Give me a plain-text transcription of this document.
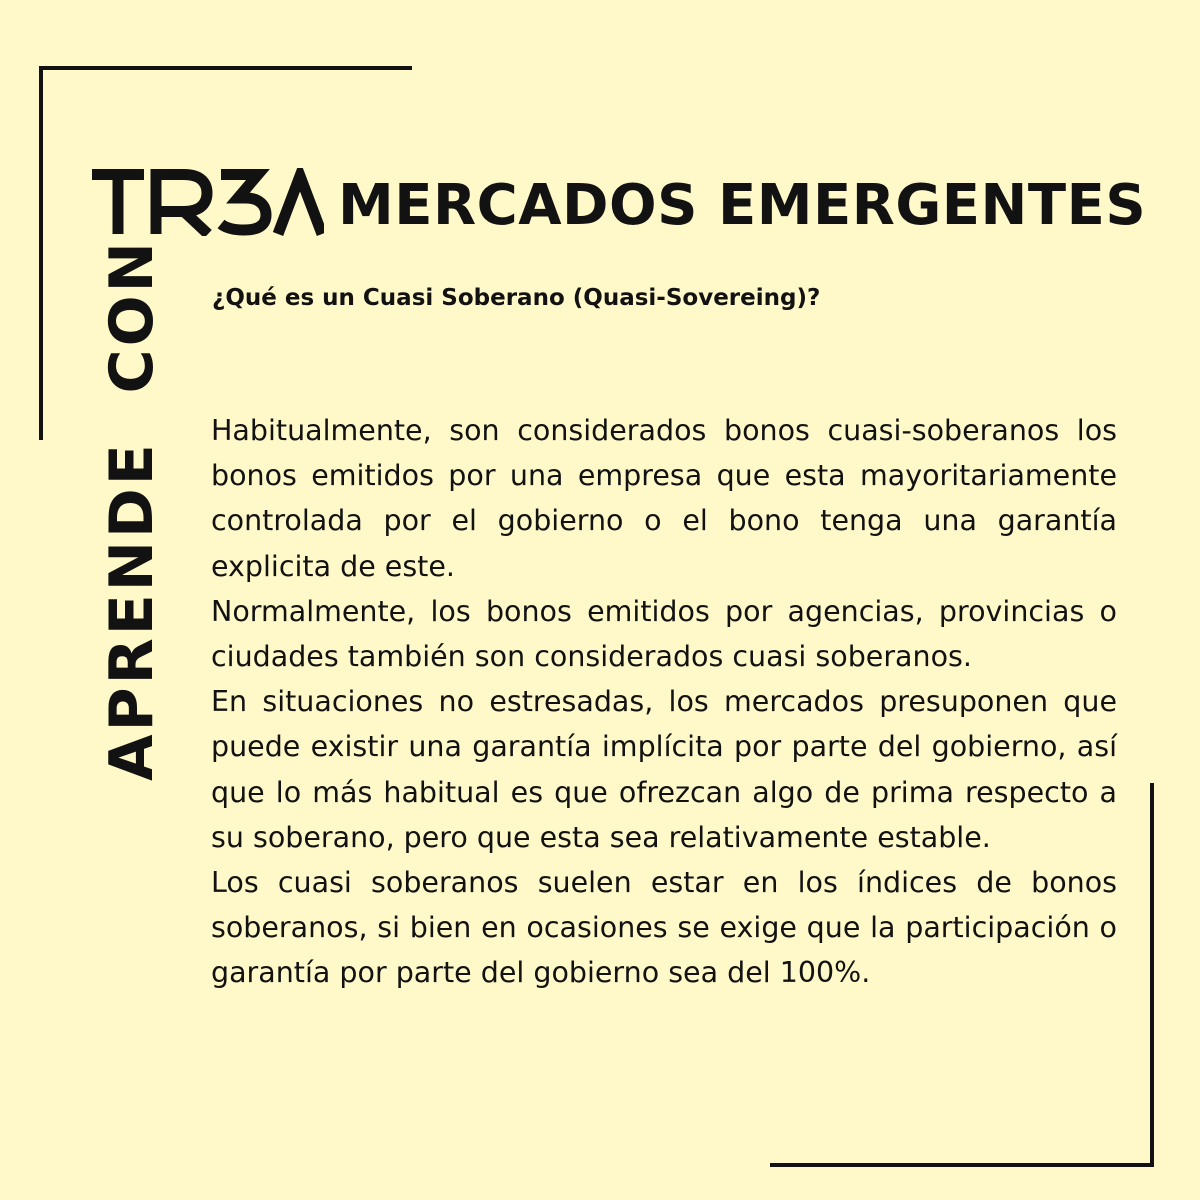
APRENDE  CON
MERCADOS EMERGENTES
¿Qué es un Cuasi Soberano (Quasi-Sovereing)?

Habitualmente, son considerados bonos cuasi-soberanos los bonos emitidos por una empresa que esta mayoritariamente controlada por el gobierno o el bono tenga una garantía explicita de este.

Normalmente, los bonos emitidos por agencias, provincias o ciudades también son considerados cuasi soberanos.

En situaciones no estresadas, los mercados presuponen que puede existir una garantía implícita por parte del gobierno, así que lo más habitual es que ofrezcan algo de prima respecto a su soberano, pero que esta sea relativamente estable.

Los cuasi soberanos suelen estar en los índices de bonos soberanos, si bien en ocasiones se exige que la participación o garantía por parte del gobierno sea del 100%.
